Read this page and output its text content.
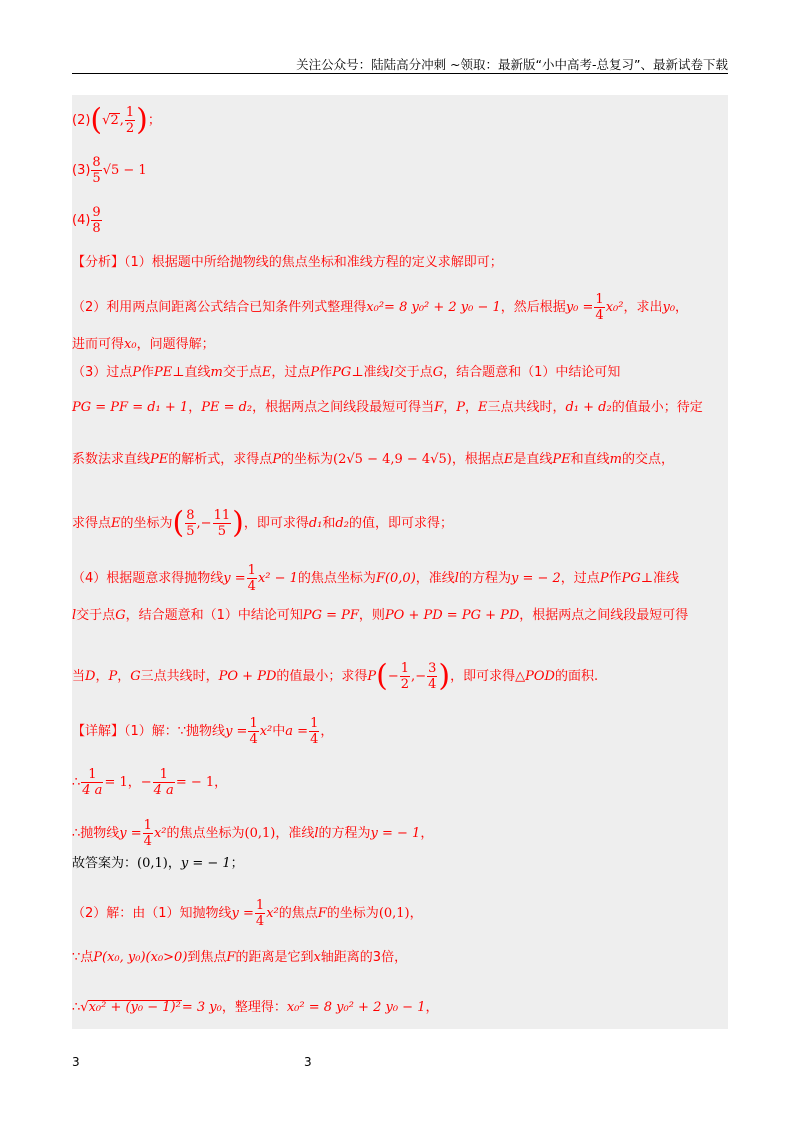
关注公众号：陆陆高分冲刺 ~领取：最新版“小中高考-总复习”、最新试卷下载
(2)(√2, $\frac{1}{2}$ )；
$(3) \frac{8}{5} √5 - 1$
$(4) \frac{9}{8}$
【分析】（1）根据题中所给抛物线的焦点坐标和准线方程的定义求解即可；
（2）利用两点间距离公式结合已知条件列式整理得x₀²= 8 y₀² + 2 y₀ − 1，然后根据$y_0 = \frac{1}{4} x_0^2$，求出y₀，
进而可得x₀，问题得解；
（3）过点P作PE⊥直线m交于点E，过点P作PG⊥准线l交于点G，结合题意和（1）中结论可知
PG = PF = d₁ + 1，PE = d₂，根据两点之间线段最短可得当F，P，E三点共线时，d₁ + d₂的值最小；待定
系数法求直线PE的解析式，求得点P的坐标为(2√5 − 4,9 − 4√5)，根据点E是直线PE和直线m的交点，
求得点E的坐标为( $\frac{8}{5}$ ,− $\frac{11}{5}$ )，即可求得d₁和d₂的值，即可求得；
（4）根据题意求得抛物线$y = \frac{1}{4} x^2 - 1$的焦点坐标为F(0,0)，准线l的方程为y = − 2，过点P作PG⊥准线
l交于点G，结合题意和（1）中结论可知PG = PF，则PO + PD = PG + PD，根据两点之间线段最短可得
当D，P，G三点共线时，PO + PD的值最小；求得$P(- \frac{1}{2}$ ,− $\frac{3}{4}$ )，即可求得△POD的面积.
【详解】（1）解：∵抛物线$y = \frac{1}{4} x^2$中$a = \frac{1}{4}$ ，
∴ $\frac{1}{4 a} = 1$，− $\frac{1}{4 a}$ = − 1，
∴抛物线$y = \frac{1}{4} x^2$的焦点坐标为(0,1)，准线l的方程为y = − 1，
故答案为：(0,1)，y = − 1；
（2）解：由（1）知抛物线$y = \frac{1}{4} x^2$的焦点F的坐标为(0,1)，
∵点P(x₀, y₀)(x₀>0)到焦点F的距离是它到x轴距离的3倍，
∴√x₀² + (y₀ − 1)²= 3 y₀，整理得：x₀² = 8 y₀² + 2 y₀ − 1，
3	3
